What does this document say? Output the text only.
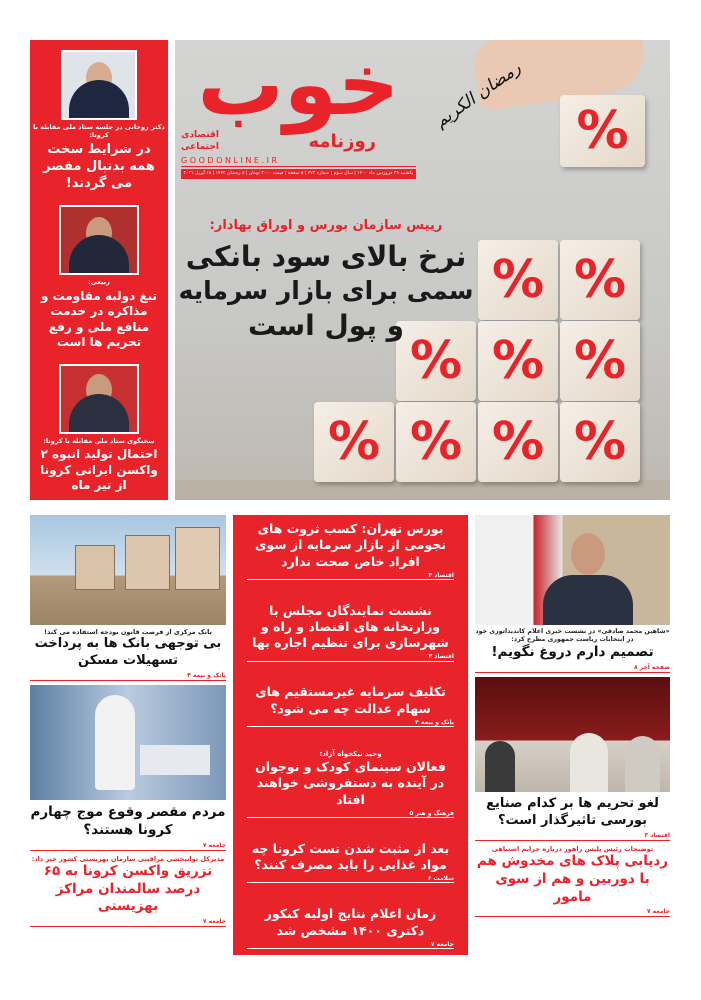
دکتر روحانی در جلسه ستاد ملی مقابله با کرونا:
در شرایط سخت همه بدنبال مقصر می گردند!
ربیعی:
تیغ دولبه مقاومت و مذاکره در خدمت منافع ملی و رفع تحریم ها است
سخنگوی ستاد ملی مقابله با کرونا:
احتمال تولید انبوه ۲ واکسن ایرانی کرونا از تیر ماه
%
% %
% % %
% % % %
خوب
اقتصادی
اجتماعی	روزنامه
G O O D O N L I N E . I R
یکشنبه ۲۹ فروردین ماه ۱۴۰۰ | سال سوم | شماره ۴۷۳ | ۸ صفحه | قیمت ۳۰۰۰ تومان | ۵ رمضان ۱۴۴۲ | ۱۸ آپریل ۲۰۲۱
رمضان الکریم
رییس سازمان بورس و اوراق بهادار:
نرخ بالای سود بانکی
سمی برای بازار سرمایه
و پول است
بورس تهران: کسب ثروت های نجومی از بازار سرمایه از سوی افراد خاص صحت ندارد
اقتصاد ۳
نشست نمایندگان مجلس با وزارتخانه های اقتصاد و راه و شهرسازی برای تنظیم اجاره بها
اقتصاد ۳
تکلیف سرمایه غیرمستقیم های سهام عدالت چه می شود؟
بانک و بیمه ۴
وحید نیکخواه آزاد:
فعالان سینمای کودک و نوجوان در آینده به دستفروشی خواهند افتاد
فرهنگ و هنر ۵
بعد از مثبت شدن تست کرونا چه مواد غذایی را باید مصرف کنند؟
سلامت ۶
زمان اعلام نتایج اولیه کنکور دکتری ۱۴۰۰ مشخص شد
جامعه ۷
بانک مرکزی از فرصت قانون بودجه استفاده می کند!
بی توجهی بانک ها به پرداخت تسهیلات مسکن
بانک و بیمه ۴
مردم مقصر وقوع موج چهارم کرونا هستند؟
جامعه ۷
مدیرکل توانبخشی مراقبتی سازمان بهزیستی کشور خبر داد:
تزریق واکسن کرونا به ۶۵ درصد سالمندان مراکز بهزیستی
جامعه ۷
«شاهین محمد صادقی» در نشست خبری اعلام کاندیداتوری خود در انتخابات ریاست جمهوری مطرح کرد:
تصمیم دارم دروغ نگویم!
صفحه آخر ۸
لغو تحریم ها بر کدام صنایع بورسی تاثیرگذار است؟
اقتصاد ۳
توضیحات رئیس پلیس راهور درباره جرایم اشتباهی
ردیابی پلاک های مخدوش هم با دوربین و هم از سوی مامور
جامعه ۷
